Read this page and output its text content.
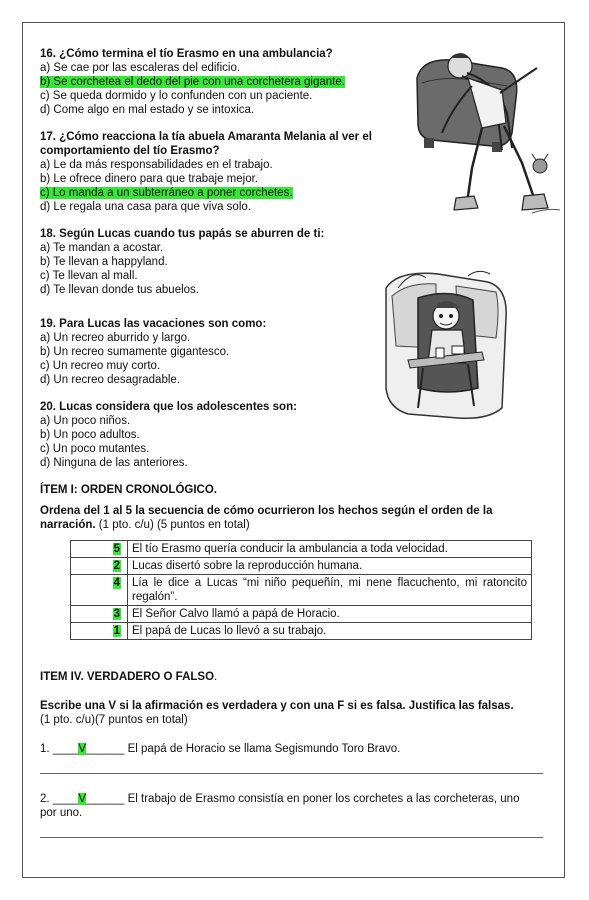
16. ¿Cómo termina el tío Erasmo en una ambulancia?
a) Se cae por las escaleras del edificio.
b) Se corchetea el dedo del pie con una corchetera gigante.
c) Se queda dormido y lo confunden con un paciente.
d) Come algo en mal estado y se intoxica.
17. ¿Cómo reacciona la tía abuela Amaranta Melania al ver el
comportamiento del tío Erasmo?
a) Le da más responsabilidades en el trabajo.
b) Le ofrece dinero para que trabaje mejor.
c) Lo manda a un subterráneo a poner corchetes.
d) Le regala una casa para que viva solo.
18. Según Lucas cuando tus papás se aburren de ti:
a) Te mandan a acostar.
b) Te llevan a happyland.
c) Te llevan al mall.
d) Te llevan donde tus abuelos.
19. Para Lucas las vacaciones son como:
a) Un recreo aburrido y largo.
b) Un recreo sumamente gigantesco.
c) Un recreo muy corto.
d) Un recreo desagradable.
20. Lucas considera que los adolescentes son:
a) Un poco niños.
b) Un poco adultos.
c) Un poco mutantes.
d) Ninguna de las anteriores.
ÍTEM I: ORDEN CRONOLÓGICO.
Ordena del 1 al 5 la secuencia de cómo ocurrieron los hechos según el orden de la
narración. (1 pto. c/u) (5 puntos en total)
5	El tío Erasmo quería conducir la ambulancia a toda velocidad.
2	Lucas disertó sobre la reproducción humana.
4	Lía le dice a Lucas “mi niño pequeñín, mi nene flacuchento, mi ratoncito regalón”.
3	El Señor Calvo llamó a papá de Horacio.
1	El papá de Lucas lo llevó a su trabajo.
ITEM IV. VERDADERO O FALSO.
Escribe una V si la afirmación es verdadera y con una F si es falsa. Justifica las falsas.
(1 pto. c/u)(7 puntos en total)
1. ____V______ El papá de Horacio se llama Segismundo Toro Bravo.
2. ____V______ El trabajo de Erasmo consistía en poner los corchetes a las corcheteras, uno
por uno.
